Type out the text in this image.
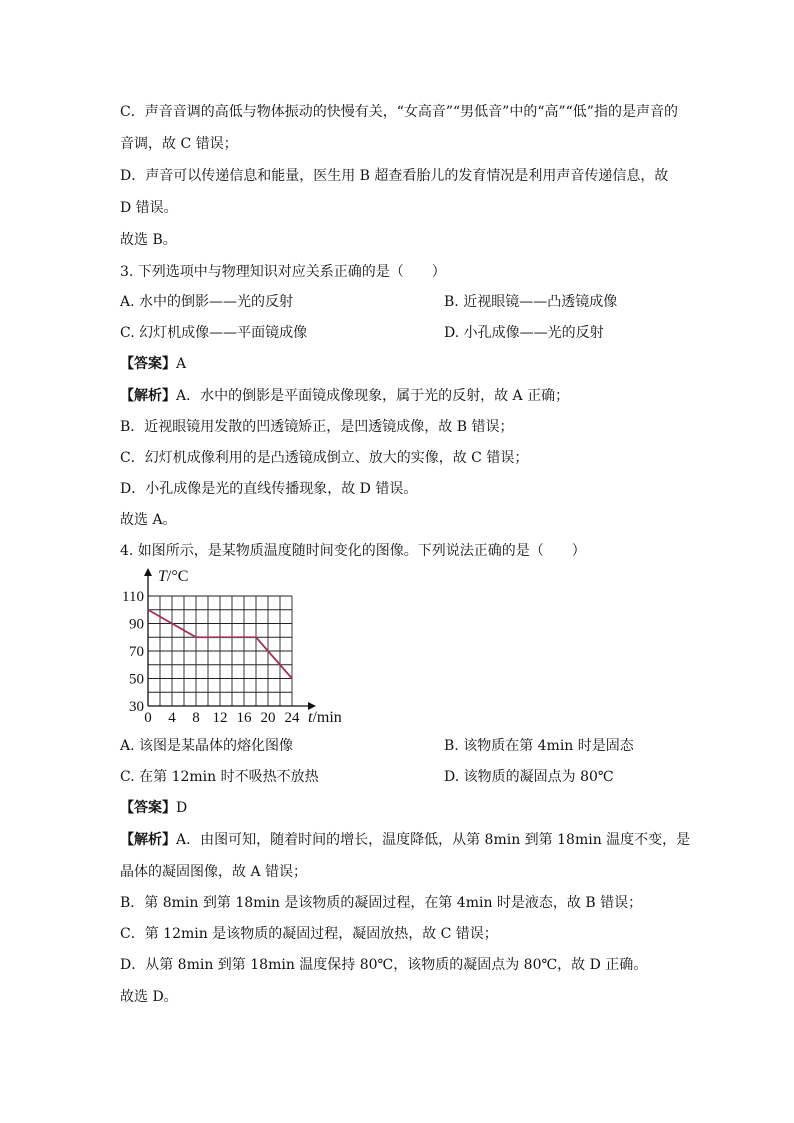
C．声音音调的高低与物体振动的快慢有关，“女高音”“男低音”中的“高”“低”指的是声音的
音调，故 C 错误；
D．声音可以传递信息和能量，医生用 B 超查看胎儿的发育情况是利用声音传递信息，故
D 错误。
故选 B。
3. 下列选项中与物理知识对应关系正确的是（　　）
A. 水中的倒影——光的反射	B. 近视眼镜——凸透镜成像
C. 幻灯机成像——平面镜成像	D. 小孔成像——光的反射
【答案】A
【解析】A．水中的倒影是平面镜成像现象，属于光的反射，故 A 正确；
B．近视眼镜用发散的凹透镜矫正，是凹透镜成像，故 B 错误；
C．幻灯机成像利用的是凸透镜成倒立、放大的实像，故 C 错误；
D．小孔成像是光的直线传播现象，故 D 错误。
故选 A。
4. 如图所示，是某物质温度随时间变化的图像。下列说法正确的是（　　）
T/°C
30
50
70
90
110
0 4 8 12 16 20 24 t/min
A. 该图是某晶体的熔化图像	B. 该物质在第 4min 时是固态
C. 在第 12min 时不吸热不放热	D. 该物质的凝固点为 80℃
【答案】D
【解析】A．由图可知，随着时间的增长，温度降低，从第 8min 到第 18min 温度不变，是
晶体的凝固图像，故 A 错误；
B．第 8min 到第 18min 是该物质的凝固过程，在第 4min 时是液态，故 B 错误；
C．第 12min 是该物质的凝固过程，凝固放热，故 C 错误；
D．从第 8min 到第 18min 温度保持 80℃，该物质的凝固点为 80℃，故 D 正确。
故选 D。
